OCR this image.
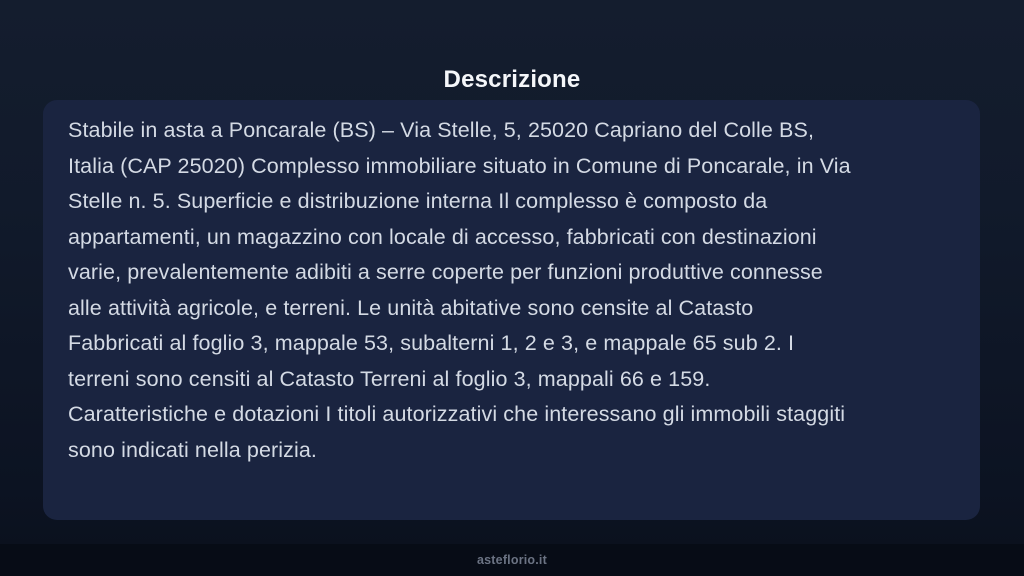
Descrizione
Stabile in asta a Poncarale (BS) – Via Stelle, 5, 25020 Capriano del Colle BS,
Italia (CAP 25020) Complesso immobiliare situato in Comune di Poncarale, in Via
Stelle n. 5. Superficie e distribuzione interna Il complesso è composto da
appartamenti, un magazzino con locale di accesso, fabbricati con destinazioni
varie, prevalentemente adibiti a serre coperte per funzioni produttive connesse
alle attività agricole, e terreni. Le unità abitative sono censite al Catasto
Fabbricati al foglio 3, mappale 53, subalterni 1, 2 e 3, e mappale 65 sub 2. I
terreni sono censiti al Catasto Terreni al foglio 3, mappali 66 e 159.
Caratteristiche e dotazioni I titoli autorizzativi che interessano gli immobili staggiti
sono indicati nella perizia.
asteflorio.it
